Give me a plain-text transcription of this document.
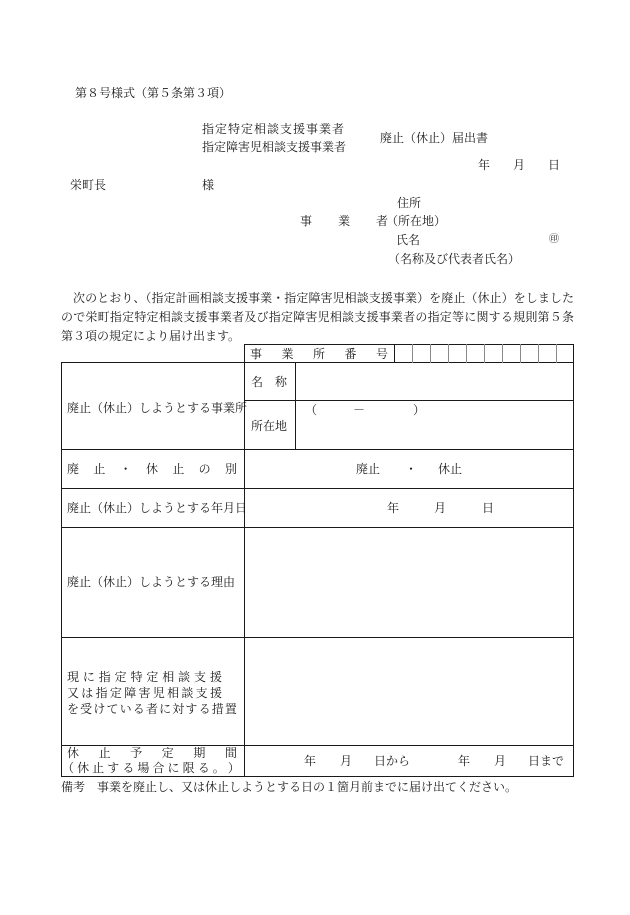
第８号様式（第５条第３項）
指定特定相談支援事業者
指定障害児相談支援事業者
廃止（休止）届出書
年 月 日
栄町長	様
住所
事 業 者
（所在地）
氏名	㊞
（名称及び代表者氏名）
次のとおり、（指定計画相談支援事業・指定障害児相談支援事業）を廃止（休止）をしましたので栄町指定特定相談支援事業者及び指定障害児相談支援事業者の指定等に関する規則第５条第３項の規定により届け出ます。
事 業 所 番 号
廃止（休止）しようとする事業所
名　称
所在地
（　　　－　　　　）
廃 止 ・ 休 止 の 別	廃止 ・ 休止
廃止（休止）しようとする年月日	年	月	日
廃止（休止）しようとする理由
現 に 指 定 特 定 相 談 支 援
又 は 指 定 障 害 児 相 談 支 援
を 受 け て い る 者 に 対 す る 措 置
休 止 予 定 期 間
（ 休 止 す る 場 合 に 限 る 。 ）	年 月 日から	年 月 日まで
備考　事業を廃止し、又は休止しようとする日の１箇月前までに届け出てください。
